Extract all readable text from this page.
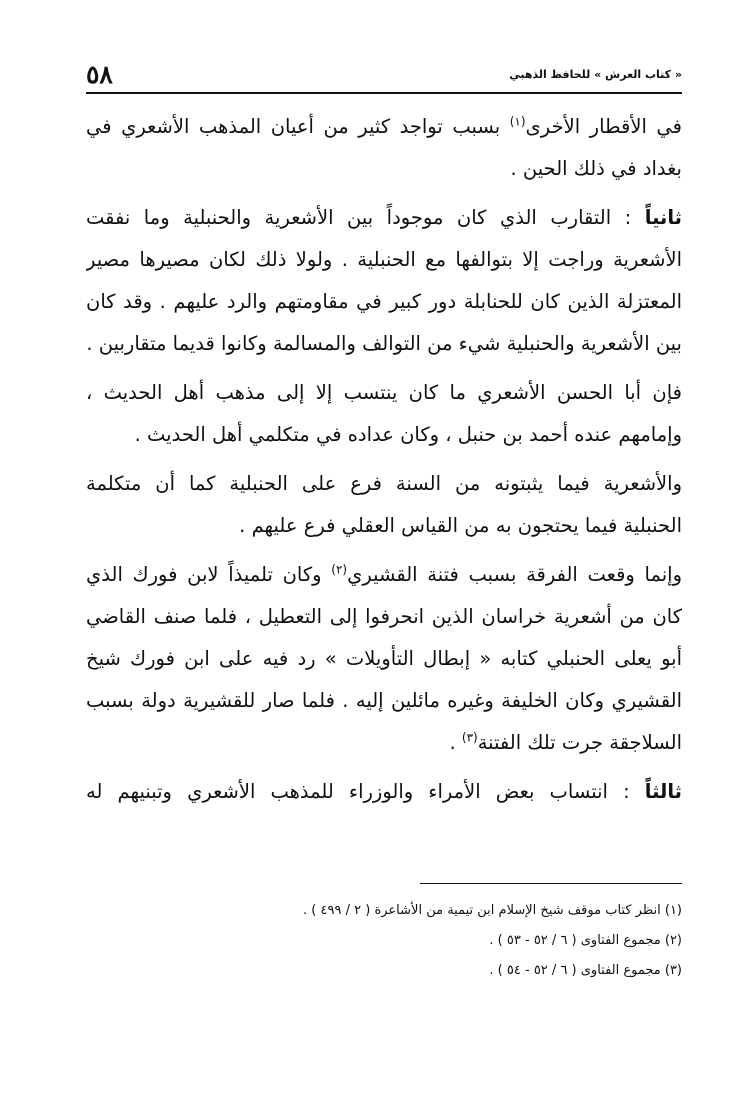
« كتاب العرش » للحافظ الذهبي
٥٨
في الأقطار الأخرى$^{(١)}$ بسبب تواجد كثير من أعيان المذهب الأشعري في
بغداد في ذلك الحين .
ثانياً : التقارب الذي كان موجوداً بين الأشعرية والحنبلية وما نفقت
الأشعرية وراجت إلا بتوالفها مع الحنبلية . ولولا ذلك لكان مصيرها مصير
المعتزلة الذين كان للحنابلة دور كبير في مقاومتهم والرد عليهم . وقد كان
بين الأشعرية والحنبلية شيء من التوالف والمسالمة وكانوا قديما متقاربين .
فإن أبا الحسن الأشعري ما كان ينتسب إلا إلى مذهب أهل الحديث ،
وإمامهم عنده أحمد بن حنبل ، وكان عداده في متكلمي أهل الحديث .
والأشعرية فيما يثبتونه من السنة فرع على الحنبلية كما أن متكلمة
الحنبلية فيما يحتجون به من القياس العقلي فرع عليهم .
وإنما وقعت الفرقة بسبب فتنة القشيري$^{(٢)}$ وكان تلميذاً لابن فورك الذي
كان من أشعرية خراسان الذين انحرفوا إلى التعطيل ، فلما صنف القاضي
أبو يعلى الحنبلي كتابه « إبطال التأويلات » رد فيه على ابن فورك شيخ
القشيري وكان الخليفة وغيره مائلين إليه . فلما صار للقشيرية دولة بسبب
السلاجقة جرت تلك الفتنة$^{(٣)}$ .
ثالثاً : انتساب بعض الأمراء والوزراء للمذهب الأشعري وتبنيهم له
(١) انظر كتاب موقف شيخ الإسلام ابن تيمية من الأشاعرة ( ٢ / ٤٩٩ ) .
(٢) مجموع الفتاوى ( ٦ / ٥٢ - ٥٣ ) .
(٣) مجموع الفتاوى ( ٦ / ٥٢ - ٥٤ ) .
